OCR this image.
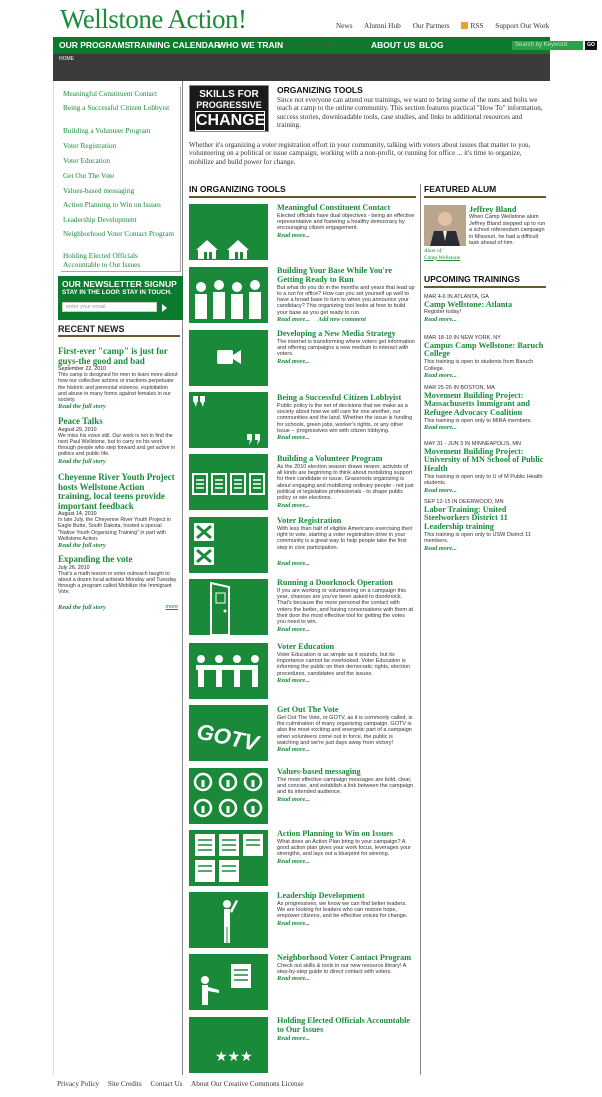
Wellstone Action!	News Alumni Hub Our Partners	RSS Support Our Work
OUR PROGRAMS
TRAINING CALENDAR
WHO WE TRAIN ORGANIZING TOOLS ABOUT US BLOG	Search by Keyword	GO
HOME
Meaningful Constituent Contact
Being a Successful Citizen Lobbyist
Building a Volunteer Program
Voter Registration
Voter Education
Get Out The Vote
Values-based messaging
Action Planning to Win on Issues
Leadership Development
Neighborhood Voter Contact Program
Holding Elected Officials Accountable to Our Issues
OUR NEWSLETTER SIGNUP
STAY IN THE LOOP. STAY IN TOUCH.
enter your email
RECENT NEWS
First-ever "camp" is just for guys-the good and bad
September 22, 2010
This camp is designed for men to learn more about how our collective actions or inactions perpetuate the historic and perennial violence, exploitation and abuse in many forms against females in our society.
Read the full story
Peace Talks
August 29, 2010
We miss his voice still. Our work is not to find the next Paul Wellstone, but to carry on his work through people who step forward and get active in politics and public life.
Read the full story
Cheyenne River Youth Project hosts Wellstone Action training, local teens provide important feedback
August 14, 2010
In late July, the Cheyenne River Youth Project in Eagle Butte, South Dakota, hosted a special "Native Youth Organizing Training" in part with Wellstone Action.
Read the full story
Expanding the vote
July 26, 2010
That's a math lesson in voter outreach taught to about a dozen local activists Monday and Tuesday through a program called Mobilize the Immigrant Vote.
Read the full story	more
SKILLS FOR
PROGRESSIVE
CHANGE
ORGANIZING TOOLS
Since not everyone can attend our trainings, we want to bring some of the nuts and bolts we teach at camp to the online community. This section features practical "How To" information, success stories, downloadable tools, case studies, and links to additional resources and training.
Whether it's organizing a voter registration effort in your community, talking with voters about issues that matter to you, volunteering on a political or issue campaign, working with a non-profit, or running for office ... it's time to organize, mobilize and build power for change.
IN ORGANIZING TOOLS
Meaningful Constituent Contact
Elected officials have dual objectives - being an effective representative and fostering a healthy democracy by encouraging citizen engagement.
Read more...
Building Your Base While You're Getting Ready to Run
But what do you do in the months and years that lead up to a run for office? How can you set yourself up well to have a broad base to turn to when you announce your candidacy? This organizing tool looks at how to build your base as you get ready to run.
Read more... Add new comment
Developing a New Media Strategy
The internet is transforming where voters get information and offering campaigns a new medium to interact with voters.
Read more...
Being a Successful Citizen Lobbyist
Public policy is the set of decisions that we make as a society about how we will care for one another, our communities and the land. Whether the issue is funding for schools, green jobs, worker's rights, or any other issue -- progressives win with citizen lobbying.
Read more...
Building a Volunteer Program
As the 2010 election season draws nearer, activists of all kinds are beginning to think about mobilizing support for their candidate or issue. Grassroots organizing is about engaging and mobilizing ordinary people - not just political or legislative professionals - to shape public policy or win elections.
Read more...
Voter Registration
With less than half of eligible Americans exercising their right to vote, starting a voter registration drive in your community is a great way to help people take the first step in civic participation.
Read more...
Running a Doorknock Operation
If you are working or volunteering on a campaign this year, chances are you've been asked to doorknock. That's because the more personal the contact with voters the better, and having conversations with them at their door the most effective tool for getting the votes you need to win.
Read more...
Voter Education
Voter Education is as simple as it sounds, but its importance cannot be overlooked. Voter Education is informing the public on their democratic rights, election procedures, candidates and the issues.
Read more...
GOTV
Get Out The Vote
Get Out The Vote, or GOTV, as it is commonly called, is the culmination of many organizing campaign. GOTV is also the most exciting and energetic part of a campaign when volunteers come out in force, the public is watching and we're just days away from victory!
Read more...
Values-based messaging
The most effective campaign messages are bold, clear, and concise, and establish a link between the campaign and its intended audience.
Read more...
Action Planning to Win on Issues
What does an Action Plan bring to your campaign? A good action plan gives your work focus, leverages your strengths, and lays out a blueprint for winning.
Read more...
Leadership Development
As progressives, we know we can find better leaders. We are looking for leaders who can restore hope, empower citizens, and be effective voices for change.
Read more...
Neighborhood Voter Contact Program
Check out skills & tools in our new resource library! A step-by-step guide to direct contact with voters.
Read more...
★★★
Holding Elected Officials Accountable to Our Issues
Read more...
FEATURED ALUM
Jeffrey Bland
When Camp Wellstone alum Jeffrey Bland stepped up to run a school referendum campaign in Missouri, he had a difficult task ahead of him.
Alum of:
Camp Wellstone
UPCOMING TRAININGS
MAR 4-6 IN ATLANTA, GA
Camp Wellstone: Atlanta
Register today!
Read more...
MAR 18-19 IN NEW YORK, NY
Campus Camp Wellstone: Baruch College
This training is open to students from Baruch College.
Read more...
MAR 25-26 IN BOSTON, MA
Movement Building Project: Massachusetts Immigrant and Refugee Advocacy Coalition
This training is open only to MIRA members.
Read more...
MAY 31 - JUN 3 IN MINNEAPOLIS, MN
Movement Building Project: University of MN School of Public Health
This training is open only to U of M Public Health students.
Read more...
SEP 12-15 IN DEERWOOD, MN
Labor Training: United Steelworkers District 11 Leadership training
This training is open only to USW District 11 members.
Read more...
Privacy Policy Site Credits Contact Us About Our Creative Commons License
